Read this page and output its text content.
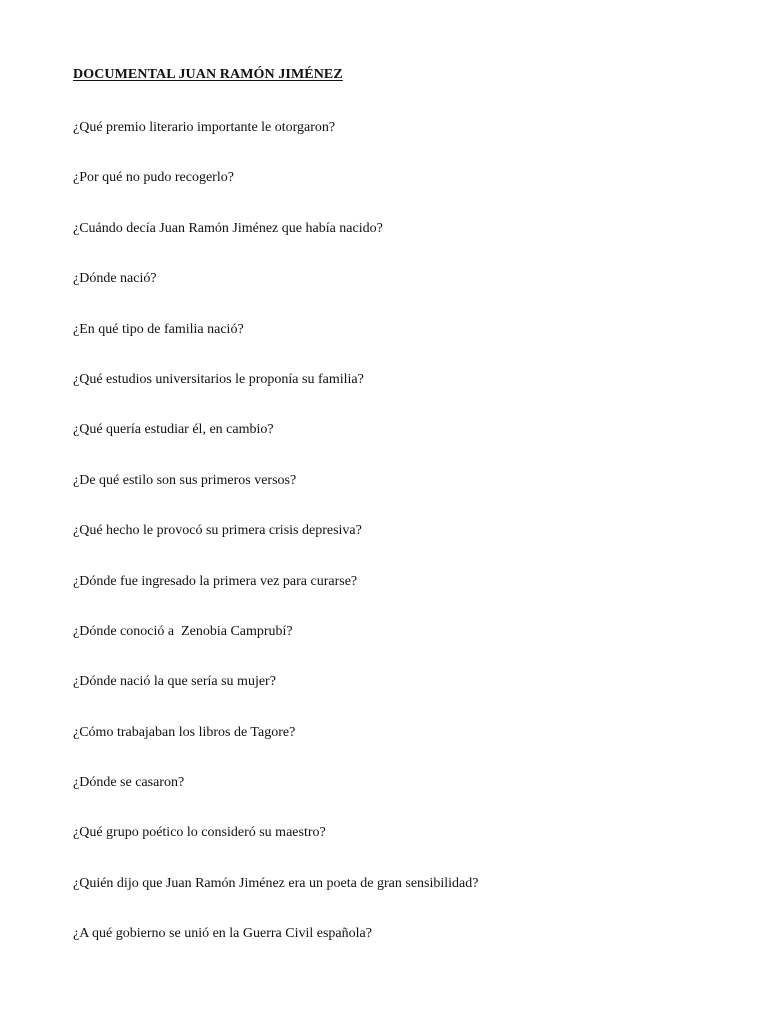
DOCUMENTAL JUAN RAMÓN JIMÉNEZ
¿Qué premio literario importante le otorgaron?
¿Por qué no pudo recogerlo?
¿Cuándo decía Juan Ramón Jiménez que había nacido?
¿Dónde nació?
¿En qué tipo de familia nació?
¿Qué estudios universitarios le proponía su familia?
¿Qué quería estudiar él, en cambio?
¿De qué estilo son sus primeros versos?
¿Qué hecho le provocó su primera crisis depresiva?
¿Dónde fue ingresado la primera vez para curarse?
¿Dónde conoció a  Zenobia Camprubí?
¿Dónde nació la que sería su mujer?
¿Cómo trabajaban los libros de Tagore?
¿Dónde se casaron?
¿Qué grupo poético lo consideró su maestro?
¿Quién dijo que Juan Ramón Jiménez era un poeta de gran sensibilidad?
¿A qué gobierno se unió en la Guerra Civil española?
